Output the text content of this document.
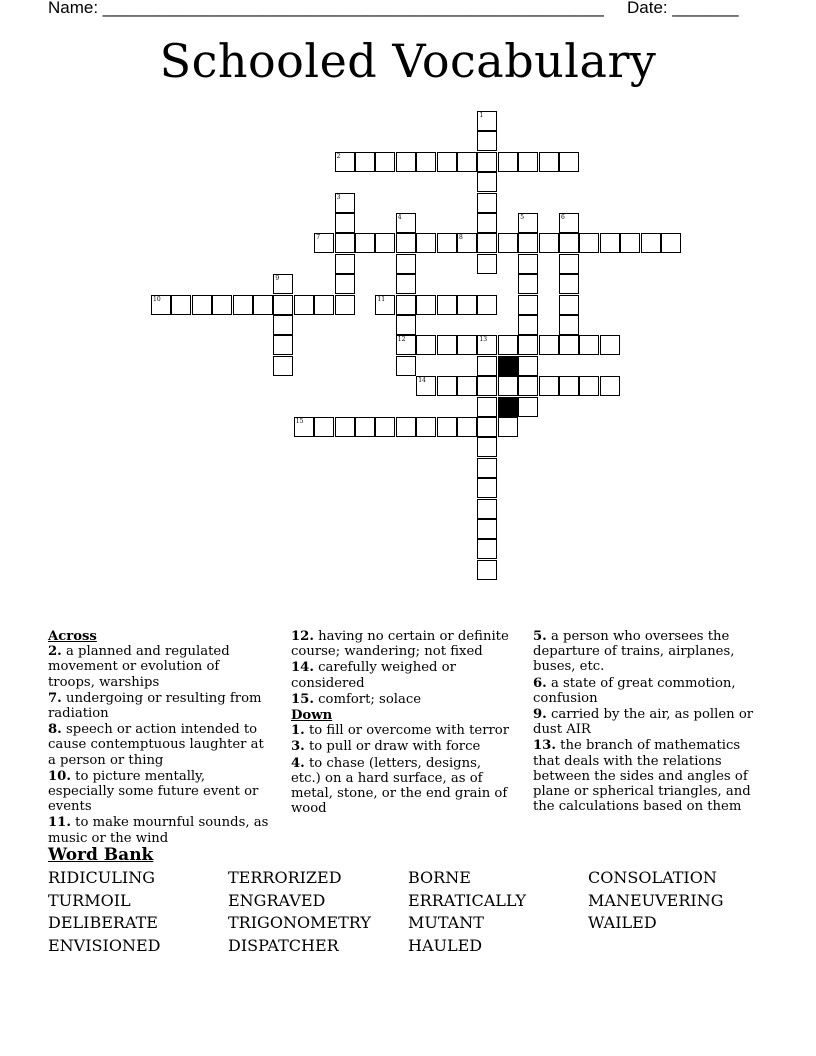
Name: _____________________________________________________ Date: _______
Schooled Vocabulary
1
2
3
4
12
5	6
7	8
9
10	11
13
14
15
Across
2. a planned and regulated movement or evolution of troops, warships
7. undergoing or resulting from radiation
8. speech or action intended to cause contemptuous laughter at a person or thing
10. to picture mentally, especially some future event or events
11. to make mournful sounds, as music or the wind
12. having no certain or definite course; wandering; not fixed
14. carefully weighed or considered
15. comfort; solace
Down
1. to fill or overcome with terror
3. to pull or draw with force
4. to chase (letters, designs, etc.) on a hard surface, as of metal, stone, or the end grain of wood
5. a person who oversees the departure of trains, airplanes, buses, etc.
6. a state of great commotion, confusion
9. carried by the air, as pollen or dust AIR
13. the branch of mathematics that deals with the relations between the sides and angles of plane or spherical triangles, and the calculations based on them
Word Bank
RIDICULING
TURMOIL
DELIBERATE
ENVISIONED
TERRORIZED
ENGRAVED
TRIGONOMETRY
DISPATCHER
BORNE
ERRATICALLY
MUTANT
HAULED
CONSOLATION
MANEUVERING
WAILED
